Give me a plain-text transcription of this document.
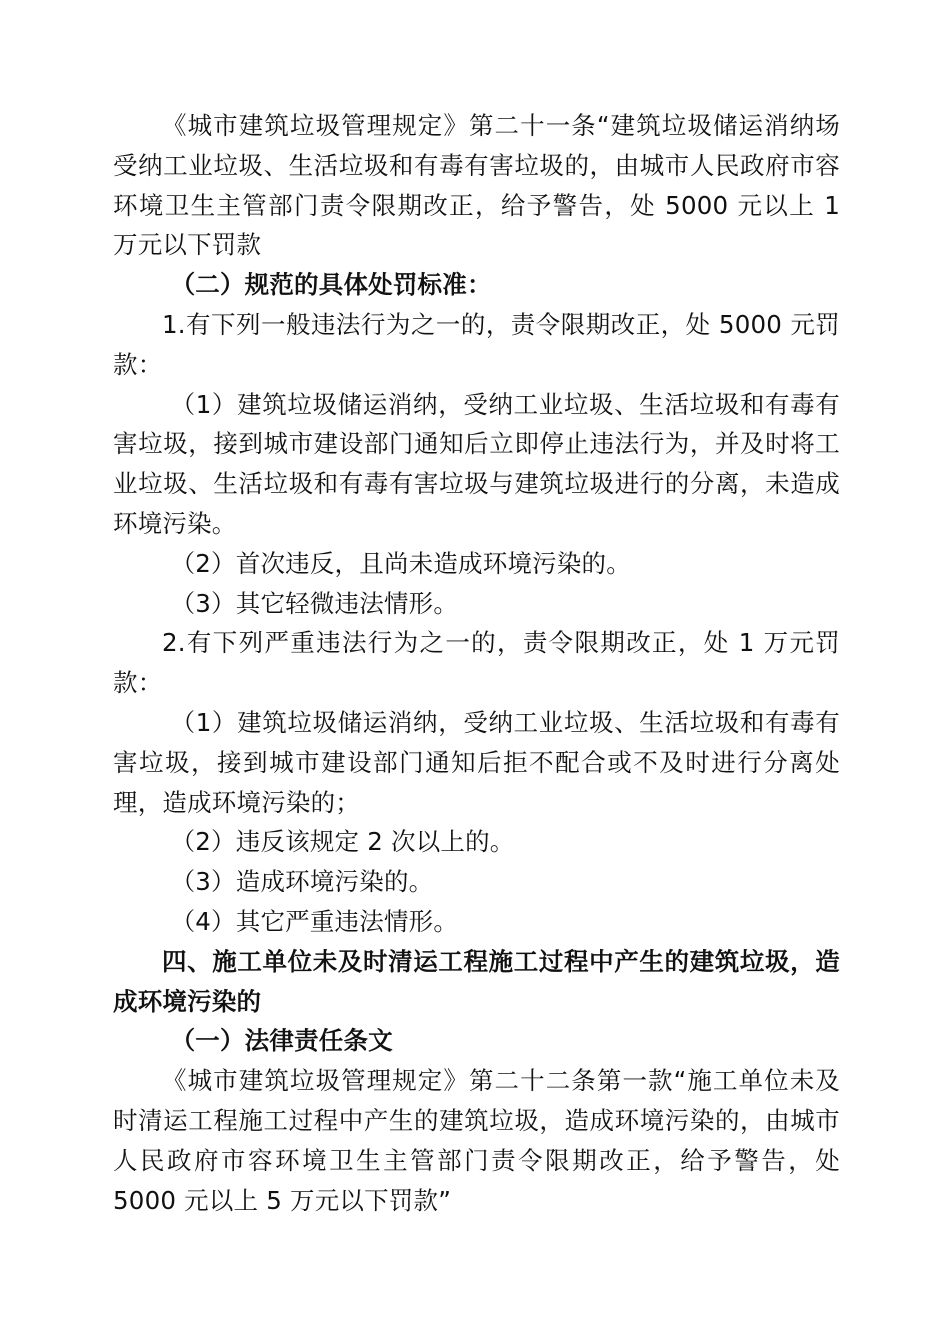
《城市建筑垃圾管理规定》第二十一条“建筑垃圾储运消纳场受纳工业垃圾、生活垃圾和有毒有害垃圾的，由城市人民政府市容环境卫生主管部门责令限期改正，给予警告，处 5000 元以上 1 万元以下罚款

（二）规范的具体处罚标准：

1.有下列一般违法行为之一的，责令限期改正，处 5000 元罚款：

（1）建筑垃圾储运消纳，受纳工业垃圾、生活垃圾和有毒有害垃圾，接到城市建设部门通知后立即停止违法行为，并及时将工业垃圾、生活垃圾和有毒有害垃圾与建筑垃圾进行的分离，未造成环境污染。

（2）首次违反，且尚未造成环境污染的。

（3）其它轻微违法情形。

2.有下列严重违法行为之一的，责令限期改正，处 1 万元罚款：

（1）建筑垃圾储运消纳，受纳工业垃圾、生活垃圾和有毒有害垃圾，接到城市建设部门通知后拒不配合或不及时进行分离处理，造成环境污染的；

（2）违反该规定 2 次以上的。

（3）造成环境污染的。

（4）其它严重违法情形。

四、施工单位未及时清运工程施工过程中产生的建筑垃圾，造成环境污染的

（一）法律责任条文

《城市建筑垃圾管理规定》第二十二条第一款“施工单位未及时清运工程施工过程中产生的建筑垃圾，造成环境污染的，由城市人民政府市容环境卫生主管部门责令限期改正，给予警告，处 5000 元以上 5 万元以下罚款”
